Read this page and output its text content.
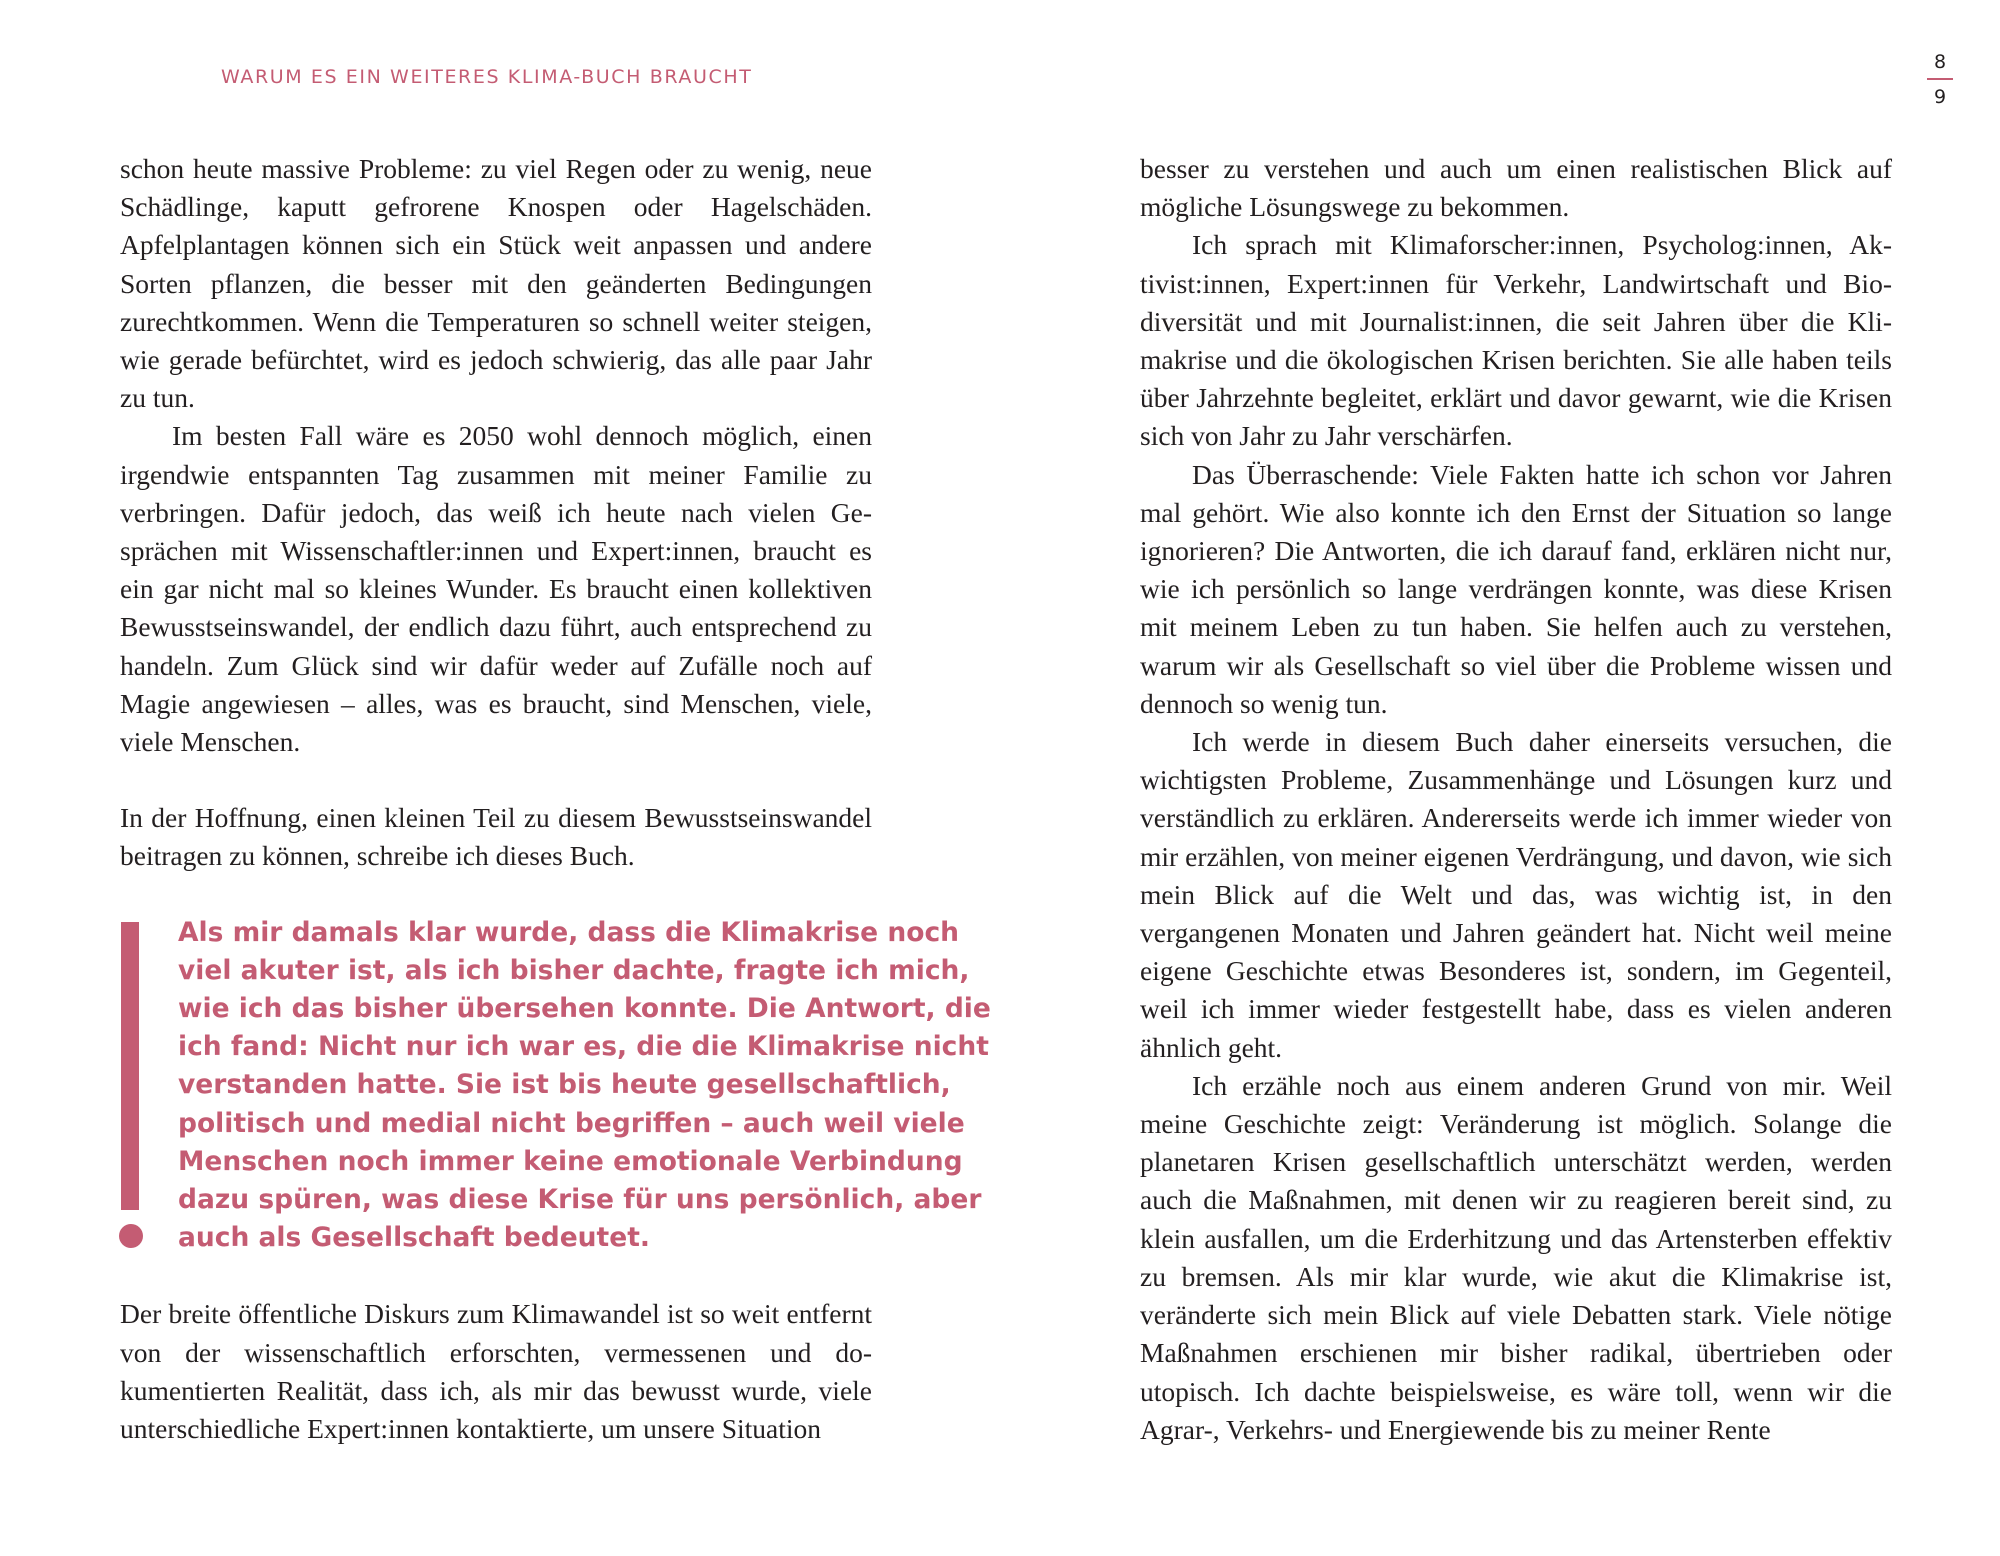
WARUM ES EIN WEITERES KLIMA-BUCH BRAUCHT
8
9

schon heute massive Probleme: zu viel Regen oder zu wenig, neue Schädlinge, kaputt gefrorene Knospen oder Hagelschäden. Apfelplantagen können sich ein Stück weit anpassen und andere Sorten pflanzen, die besser mit den geänderten Bedingungen zurechtkommen. Wenn die Temperaturen so schnell weiter steigen, wie gerade befürchtet, wird es jedoch schwierig, das alle paar Jahr zu tun.

Im besten Fall wäre es 2050 wohl dennoch möglich, einen irgendwie entspannten Tag zusammen mit meiner Familie zu verbringen. Dafür jedoch, das weiß ich heute nach vielen Gesprächen mit Wissenschaftler:innen und Expert:innen, braucht es ein gar nicht mal so kleines Wunder. Es braucht einen kollektiven Bewusstseinswandel, der endlich dazu führt, auch entsprechend zu handeln. Zum Glück sind wir dafür weder auf Zufälle noch auf Magie angewiesen – alles, was es braucht, sind Menschen, viele, viele Menschen.

In der Hoffnung, einen kleinen Teil zu diesem Bewusstseinswandel beitragen zu können, schreibe ich dieses Buch.

Als mir damals klar wurde, dass die Klimakrise noch
viel akuter ist, als ich bisher dachte, fragte ich mich,
wie ich das bisher übersehen konnte. Die Antwort, die
ich fand: Nicht nur ich war es, die die Klimakrise nicht
verstanden hatte. Sie ist bis heute gesellschaftlich,
politisch und medial nicht begriffen – auch weil viele
Menschen noch immer keine emotionale Verbindung
dazu spüren, was diese Krise für uns persönlich, aber
auch als Gesellschaft bedeutet.

Der breite öffentliche Diskurs zum Klimawandel ist so weit entfernt von der wissenschaftlich erforschten, vermessenen und dokumentierten Realität, dass ich, als mir das bewusst wurde, viele unterschiedliche Expert:innen kontaktierte, um unsere Situation

besser zu verstehen und auch um einen realistischen Blick auf mögliche Lösungswege zu bekommen.

Ich sprach mit Klimaforscher:innen, Psycholog:innen, Aktivist:innen, Expert:innen für Verkehr, Landwirtschaft und Biodiversität und mit Journalist:innen, die seit Jahren über die Klimakrise und die ökologischen Krisen berichten. Sie alle haben teils über Jahrzehnte begleitet, erklärt und davor gewarnt, wie die Krisen sich von Jahr zu Jahr verschärfen.

Das Überraschende: Viele Fakten hatte ich schon vor Jahren mal gehört. Wie also konnte ich den Ernst der Situation so lange ignorieren? Die Antworten, die ich darauf fand, erklären nicht nur, wie ich persönlich so lange verdrängen konnte, was diese Krisen mit meinem Leben zu tun haben. Sie helfen auch zu verstehen, warum wir als Gesellschaft so viel über die Probleme wissen und dennoch so wenig tun.

Ich werde in diesem Buch daher einerseits versuchen, die wichtigsten Probleme, Zusammenhänge und Lösungen kurz und verständlich zu erklären. Andererseits werde ich immer wieder von mir erzählen, von meiner eigenen Verdrängung, und davon, wie sich mein Blick auf die Welt und das, was wichtig ist, in den vergangenen Monaten und Jahren geändert hat. Nicht weil meine eigene Geschichte etwas Besonderes ist, sondern, im Gegenteil, weil ich immer wieder festgestellt habe, dass es vielen anderen ähnlich geht.

Ich erzähle noch aus einem anderen Grund von mir. Weil meine Geschichte zeigt: Veränderung ist möglich. Solange die planetaren Krisen gesellschaftlich unterschätzt werden, werden auch die Maßnahmen, mit denen wir zu reagieren bereit sind, zu klein ausfallen, um die Erderhitzung und das Artensterben effektiv zu bremsen. Als mir klar wurde, wie akut die Klimakrise ist, veränderte sich mein Blick auf viele Debatten stark. Viele nötige Maßnahmen erschienen mir bisher radikal, übertrieben oder utopisch. Ich dachte beispielsweise, es wäre toll, wenn wir die Agrar-, Verkehrs- und Energiewende bis zu meiner Rente
